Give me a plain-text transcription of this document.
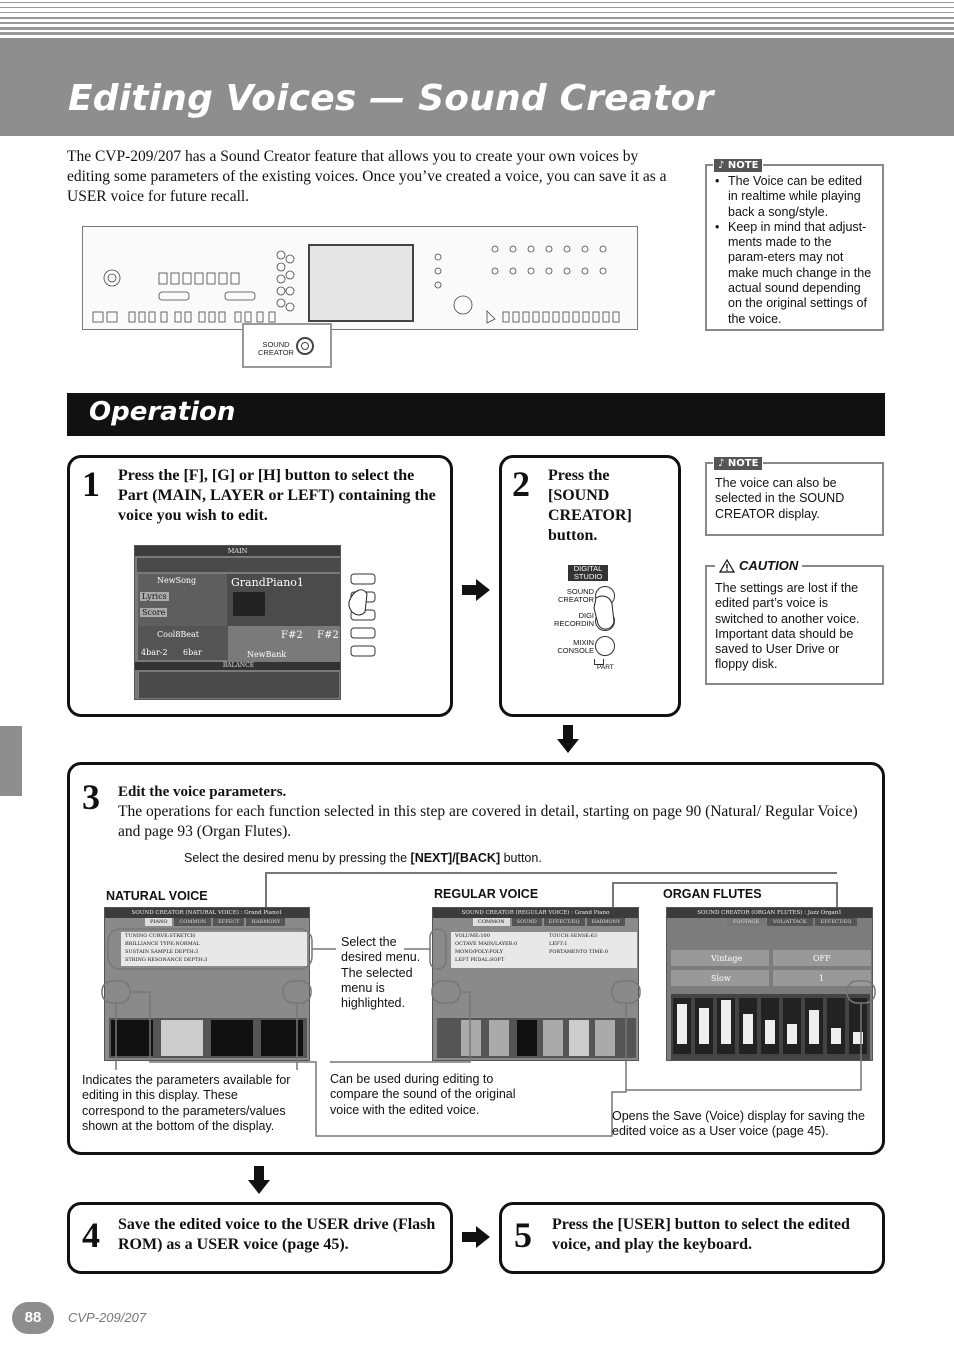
Editing Voices — Sound Creator

The CVP-209/207 has a Sound Creator feature that allows you to create your own voices by editing some parameters of the existing voices. Once you’ve created a voice, you can save it as a USER voice for future recall.

SOUND
CREATOR
♪ NOTE
• The Voice can be edited in realtime while playing back a song/style.
• Keep in mind that adjust-ments made to the param-eters may not make much change in the actual sound depending on the original settings of the voice.
Operation
1 Press the [F], [G] or [H] button to select the Part (MAIN, LAYER or LEFT) containing the voice you wish to edit.
MAIN
NewSong
Lyrics
Score
GrandPiano1
Cool8Beat
4bar-2 6bar
F#2 F#2
NewBank
BALANCE
2 Press the [SOUND CREATOR] button.
DIGITAL
STUDIO
SOUND
CREATOR
DIGI
RECORDIN
MIXIN
CONSOLE
PART
♪ NOTE
The voice can also be selected in the SOUND CREATOR display.
CAUTION
The settings are lost if the edited part’s voice is switched to another voice. Important data should be saved to User Drive or floppy disk.
3 Edit the voice parameters.
The operations for each function selected in this step are covered in detail, starting on page 90 (Natural/ Regular Voice) and page 93 (Organ Flutes).
Select the desired menu by pressing the [NEXT]/[BACK] button.
NATURAL VOICE	REGULAR VOICE	ORGAN FLUTES
SOUND CREATOR (NATURAL VOICE) : Grand Piano1
PIANO	COMMON	EFFECT	HARMONY
TUNING CURVE:STRETCH
BRILLIANCE TYPE:NORMAL
SUSTAIN SAMPLE DEPTH:3
STRING RESONANCE DEPTH:3
SOUND CREATOR (REGULAR VOICE) : Grand Piano
COMMON	SOUND	EFFECT/EQ	HARMONY
VOLUME:100
OCTAVE MAIN/LAYER:0
MONO/POLY:POLY
LEFT PEDAL:SOFT
TOUCH SENSE:63
LEFT:1
PORTAMENTO TIME:0
SOUND CREATOR (ORGAN FLUTES) : Jazz Organ1
FOOTAGE	VOL/ATTACK	EFFECT/EQ
Vintage	OFF
Slow	1
Select the desired menu. The selected menu is highlighted.
Indicates the parameters available for editing in this display. These correspond to the parameters/values shown at the bottom of the display.
Can be used during editing to compare the sound of the original voice with the edited voice.	Opens the Save (Voice) display for saving the edited voice as a User voice (page 45).
4 Save the edited voice to the USER drive (Flash ROM) as a USER voice (page 45).	5 Press the [USER] button to select the edited voice, and play the keyboard.
88	CVP-209/207
